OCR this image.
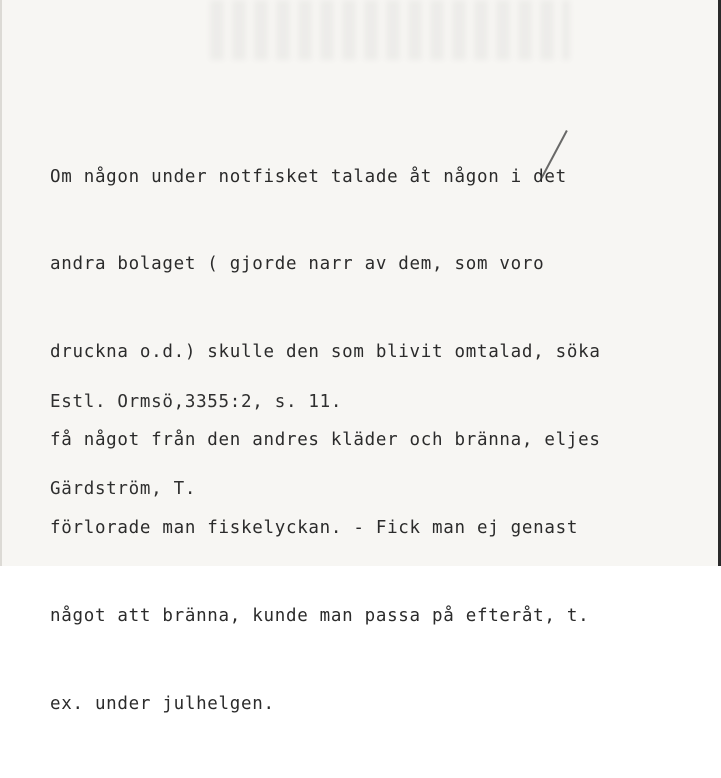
Om någon under notfisket talade åt någon i det

andra bolaget ( gjorde narr av dem, som voro

druckna o.d.) skulle den som blivit omtalad, söka

få något från den andres kläder och bränna, eljes

förlorade man fiskelyckan. - Fick man ej genast

något att bränna, kunde man passa på efteråt, t.

ex. under julhelgen.

Estl. Ormsö,3355:2, s. 11.

Gärdström, T.
